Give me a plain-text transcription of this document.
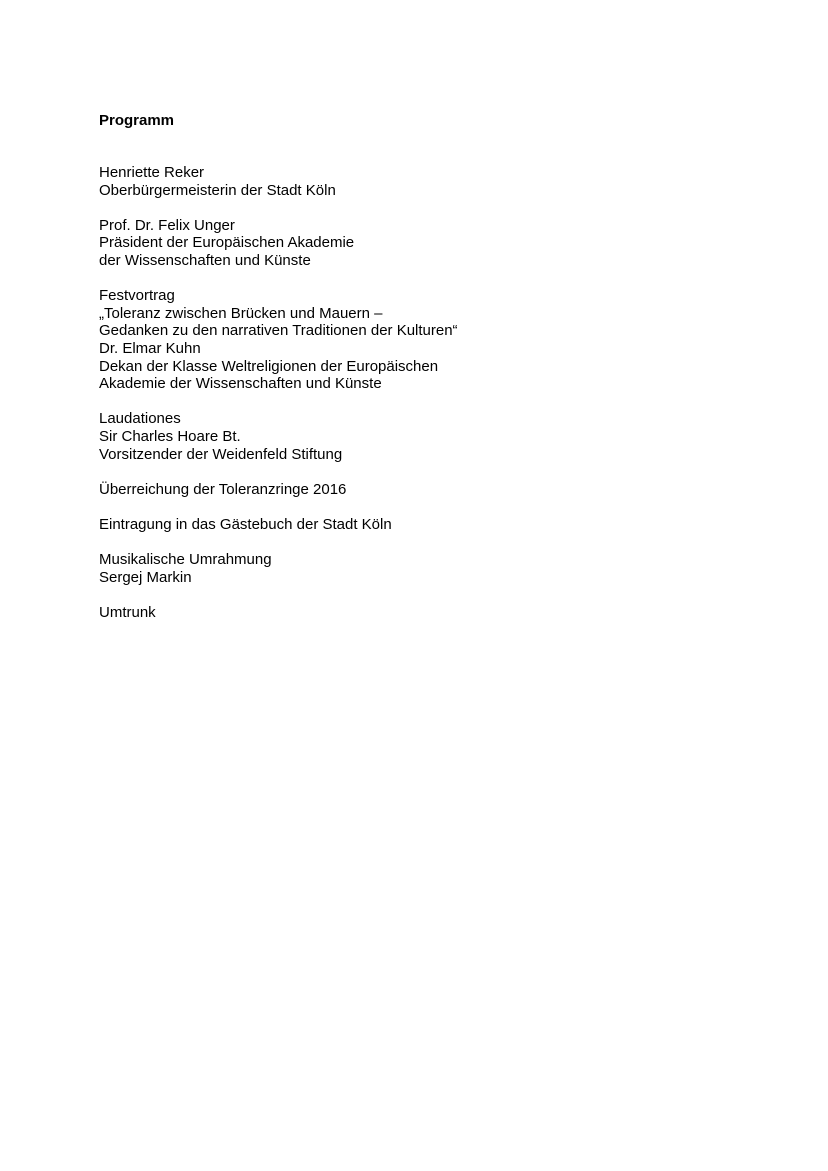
Programm
Henriette Reker
Oberbürgermeisterin der Stadt Köln
Prof. Dr. Felix Unger
Präsident der Europäischen Akademie
der Wissenschaften und Künste
Festvortrag
„Toleranz zwischen Brücken und Mauern –
Gedanken zu den narrativen Traditionen der Kulturen“
Dr. Elmar Kuhn
Dekan der Klasse Weltreligionen der Europäischen
Akademie der Wissenschaften und Künste
Laudationes
Sir Charles Hoare Bt.
Vorsitzender der Weidenfeld Stiftung
Überreichung der Toleranzringe 2016
Eintragung in das Gästebuch der Stadt Köln
Musikalische Umrahmung
Sergej Markin
Umtrunk
